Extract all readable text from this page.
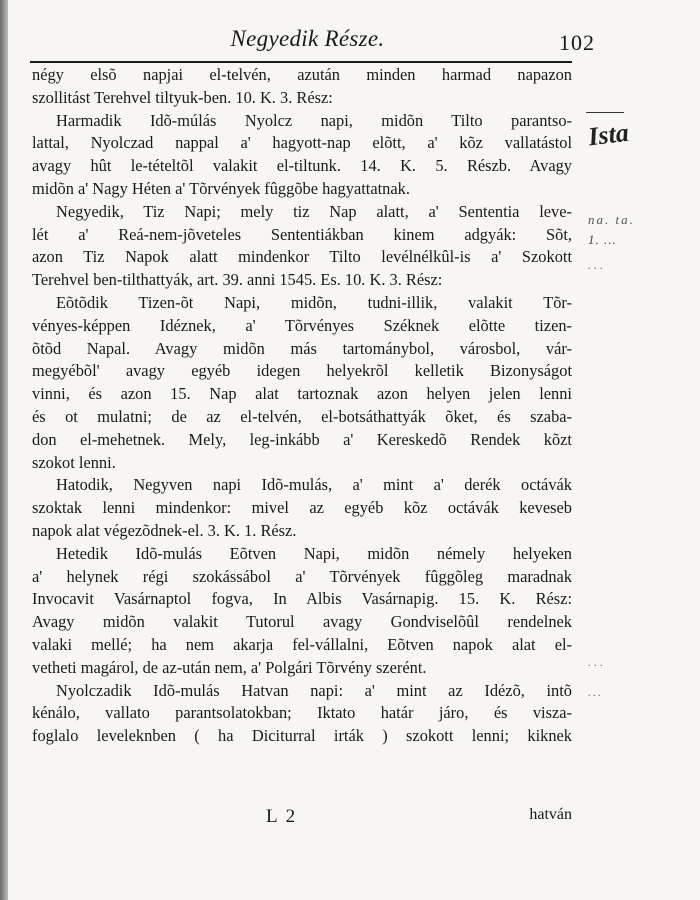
Negyedik Része.	102
négy elsõ napjai el-telvén, azután minden harmad napazon
szollitást Terehvel tiltyuk-ben. 10. K. 3. Rész:
Harmadik Idõ-múlás Nyolcz napi, midõn Tilto parantso-
lattal, Nyolczad nappal a' hagyott-nap elõtt, a' kõz vallatástol
avagy hût le-tételtõl valakit el-tiltunk. 14. K. 5. Részb. Avagy
midõn a' Nagy Héten a' Tõrvények fûggõbe hagyattatnak.
Negyedik, Tiz Napi; mely tiz Nap alatt, a' Sententia leve-
lét a' Reá-nem-jõveteles Sententiákban kinem adgyák: Sõt,
azon Tiz Napok alatt mindenkor Tilto levélnélkûl-is a' Szokott
Terehvel ben-tilthattyák, art. 39. anni 1545. Es. 10. K. 3. Rész:
Eõtõdik Tizen-õt Napi, midõn, tudni-illik, valakit Tõr-
vényes-képpen Idéznek, a' Tõrvényes Széknek elõtte tizen-
õtõd Napal. Avagy midõn más tartománybol, városbol, vár-
megyébõl' avagy egyéb idegen helyekrõl kelletik Bizonyságot
vinni, és azon 15. Nap alat tartoznak azon helyen jelen lenni
és ot mulatni; de az el-telvén, el-botsáthattyák õket, és szaba-
don el-mehetnek. Mely, leg-inkább a' Kereskedõ Rendek kõzt
szokot lenni.
Hatodik, Negyven napi Idõ-mulás, a' mint a' derék octávák
szoktak lenni mindenkor: mivel az egyéb kõz octávák keveseb
napok alat végezõdnek-el. 3. K. 1. Rész.
Hetedik Idõ-mulás Eõtven Napi, midõn némely helyeken
a' helynek régi szokássábol a' Tõrvények fûggõleg maradnak
Invocavit Vasárnaptol fogva, In Albis Vasárnapig. 15. K. Rész:
Avagy midõn valakit Tutorul avagy Gondviselõûl rendelnek
valaki mellé; ha nem akarja fel-vállalni, Eõtven napok alat el-
vetheti magárol, de az-után nem, a' Polgári Tõrvény szerént.
Nyolczadik Idõ-mulás Hatvan napi: a' mint az Idézõ, intõ
kénálo, vallato parantsolatokban; Iktato határ járo, és visza-
foglalo leveleknben ( ha Diciturral irták ) szokott lenni; kiknek
L 2	hatván
Ista
na. ta.
1. ...
...
...
...
